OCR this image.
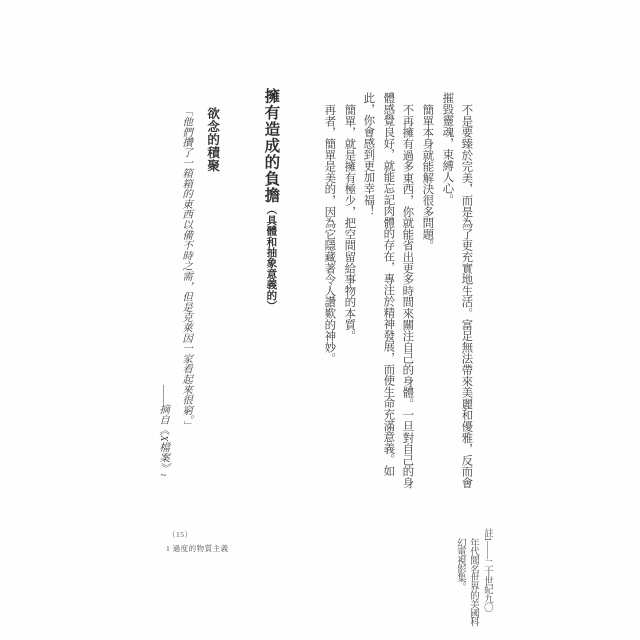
不是要臻於完美，而是為了更充實地生活。富足無法帶來美麗和優雅，反而會
摧毀靈魂，束縛人心。
簡單本身就能解決很多問題。
不再擁有過多東西，你就能省出更多時間來關注自己的身體。一旦對自己的身
體感覺良好，就能忘記肉體的存在，專注於精神發展，而使生命充滿意義。如
此，你會感到更加幸福！
簡單，就是擁有極少，把空間留給事物的本質。
再者，簡單是美的，因為它隱藏著令人讚歎的神妙。
擁有造成的負擔（具體和抽象意義的）
欲念的積聚
「他們攢了一箱箱的東西以備不時之需，但是克萊因一家看起來很窮。」
——摘自《X檔案》1
註1——二十世紀九〇
年代聞名世界的美國科
幻電視影集。
（15）
1 過度的物質主義
